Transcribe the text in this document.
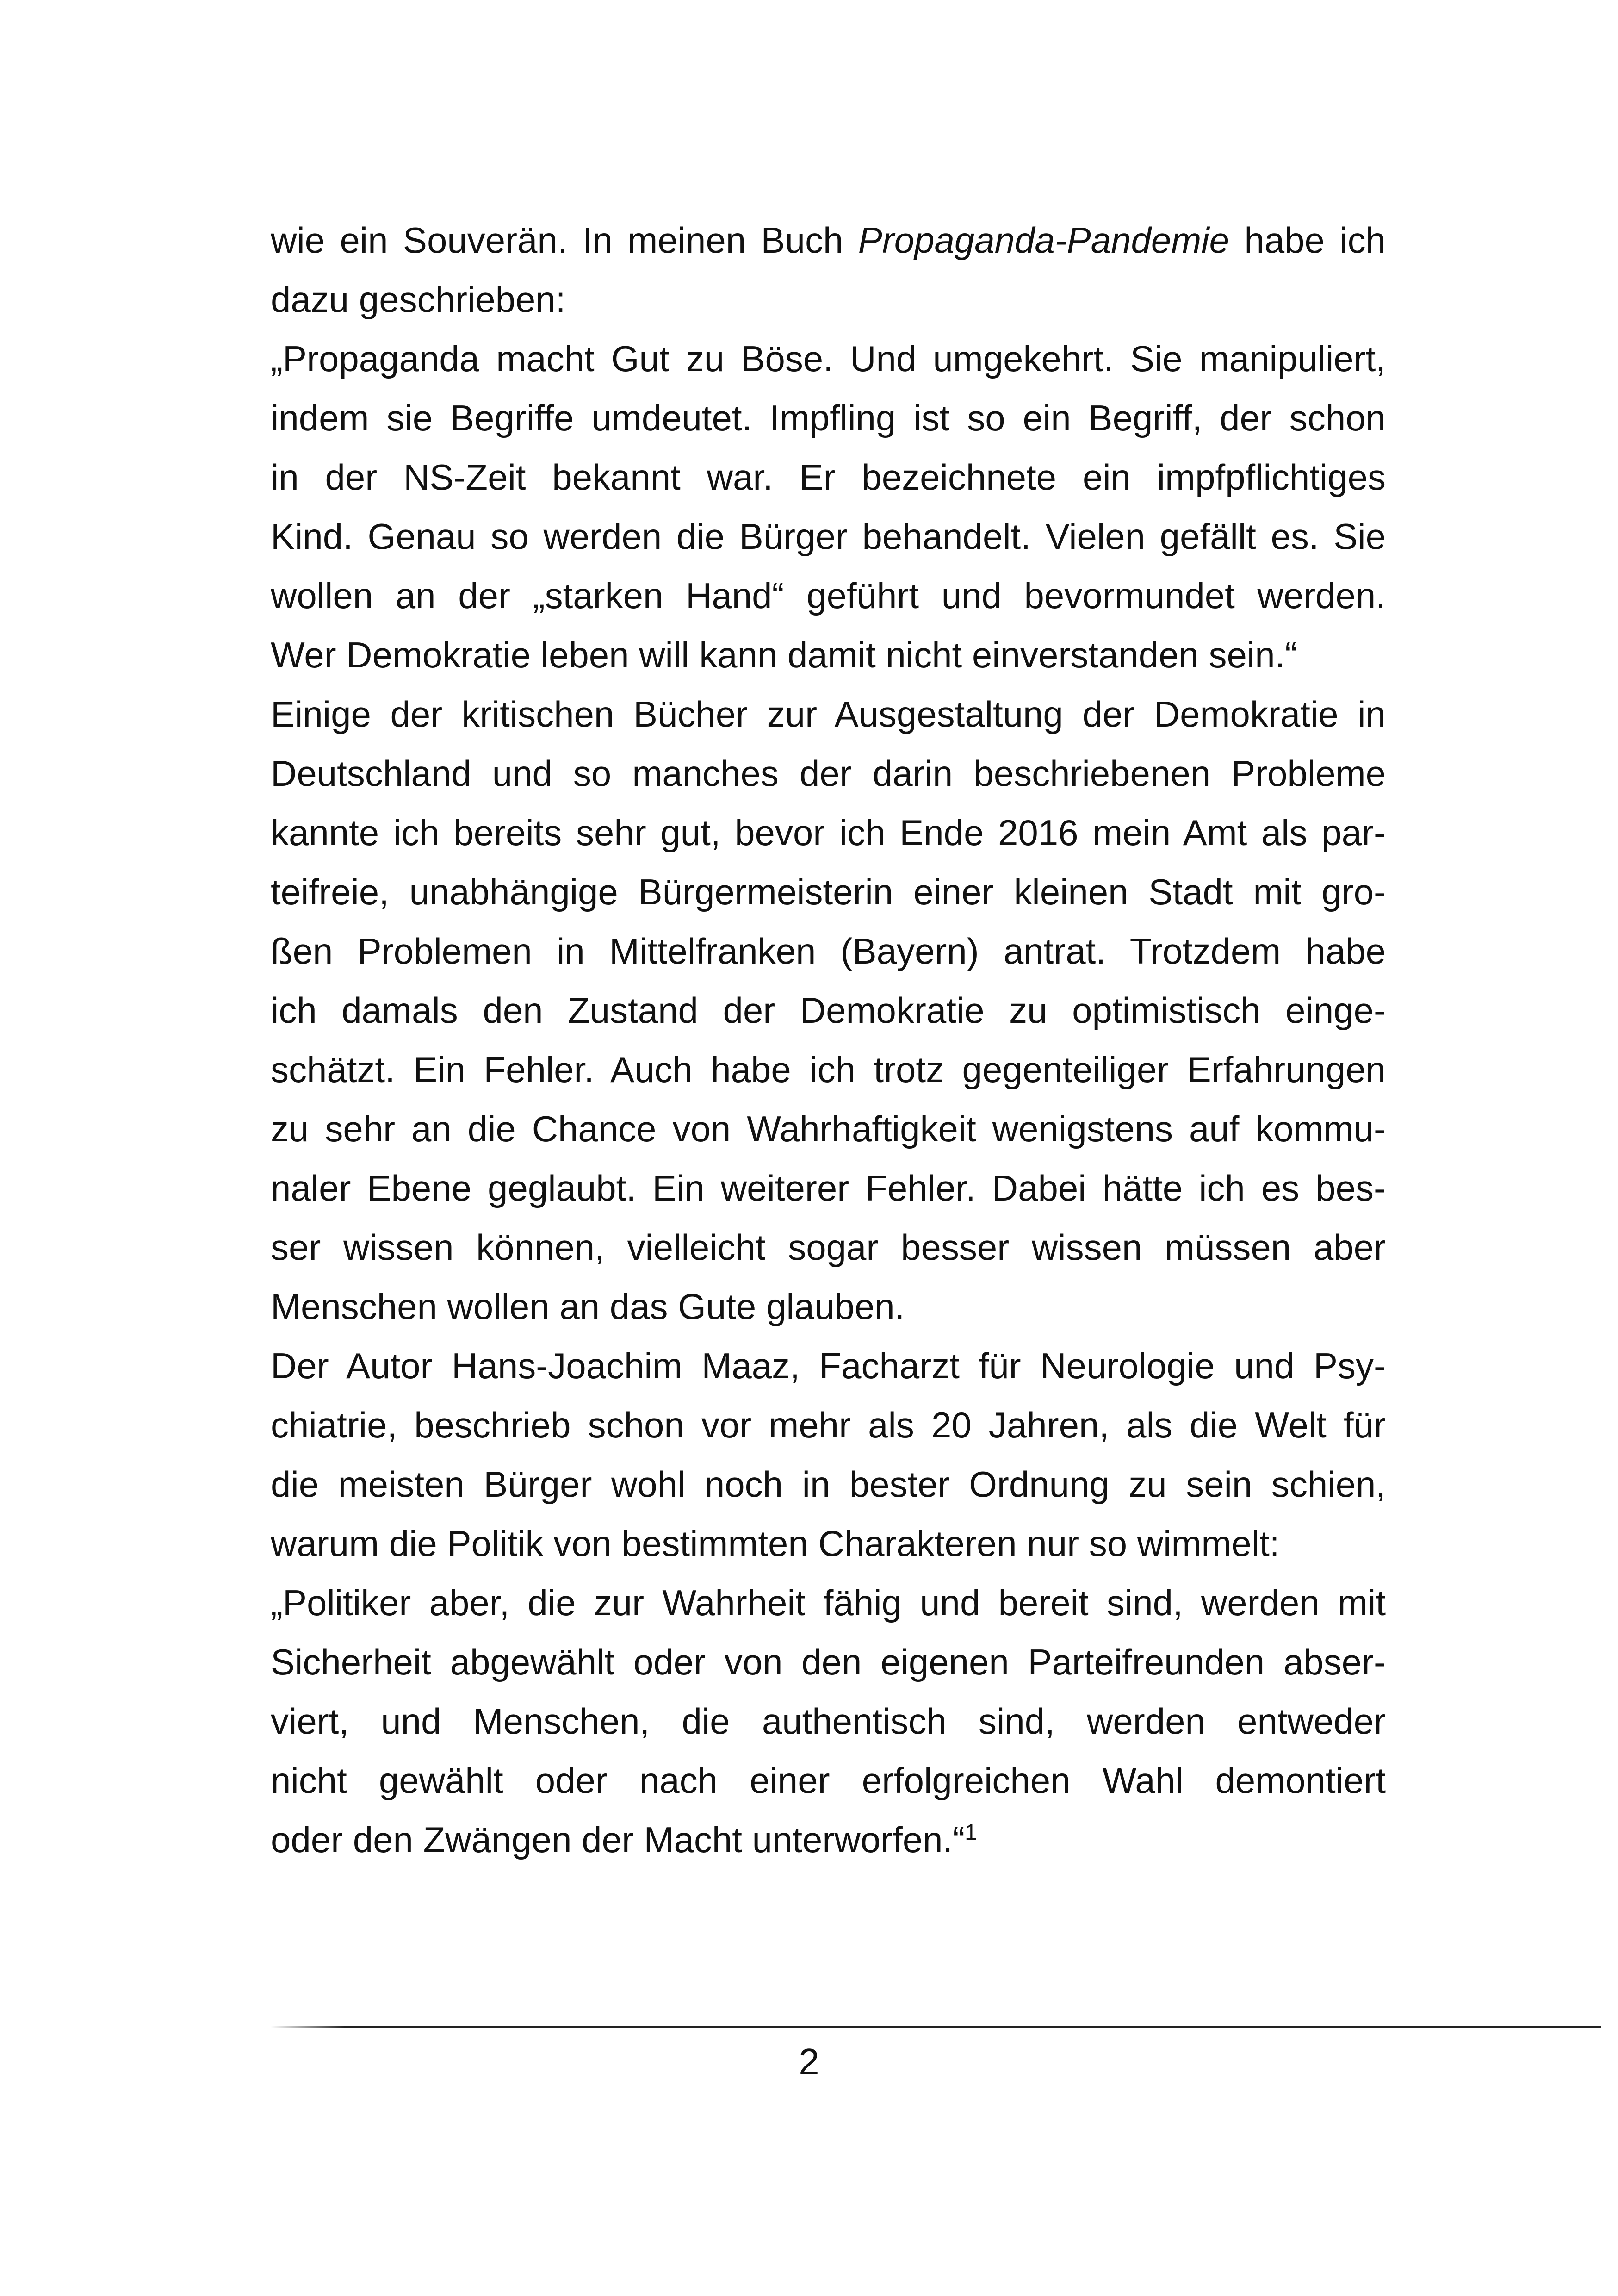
wie ein Souverän. In meinen Buch Propaganda-Pandemie habe ich
dazu geschrieben:

„Propaganda macht Gut zu Böse. Und umgekehrt. Sie manipuliert,
indem sie Begriffe umdeutet. Impfling ist so ein Begriff, der schon
in der NS-Zeit bekannt war. Er bezeichnete ein impfpflichtiges
Kind. Genau so werden die Bürger behandelt. Vielen gefällt es. Sie
wollen an der „starken Hand“ geführt und bevormundet werden.
Wer Demokratie leben will kann damit nicht einverstanden sein.“

Einige der kritischen Bücher zur Ausgestaltung der Demokratie in
Deutschland und so manches der darin beschriebenen Probleme
kannte ich bereits sehr gut, bevor ich Ende 2016 mein Amt als par-
teifreie, unabhängige Bürgermeisterin einer kleinen Stadt mit gro-
ßen Problemen in Mittelfranken (Bayern) antrat. Trotzdem habe
ich damals den Zustand der Demokratie zu optimistisch einge-
schätzt. Ein Fehler. Auch habe ich trotz gegenteiliger Erfahrungen
zu sehr an die Chance von Wahrhaftigkeit wenigstens auf kommu-
naler Ebene geglaubt. Ein weiterer Fehler. Dabei hätte ich es bes-
ser wissen können, vielleicht sogar besser wissen müssen aber
Menschen wollen an das Gute glauben.

Der Autor Hans-Joachim Maaz, Facharzt für Neurologie und Psy-
chiatrie, beschrieb schon vor mehr als 20 Jahren, als die Welt für
die meisten Bürger wohl noch in bester Ordnung zu sein schien,
warum die Politik von bestimmten Charakteren nur so wimmelt:

„Politiker aber, die zur Wahrheit fähig und bereit sind, werden mit
Sicherheit abgewählt oder von den eigenen Parteifreunden abser-
viert, und Menschen, die authentisch sind, werden entweder
nicht gewählt oder nach einer erfolgreichen Wahl demontiert
oder den Zwängen der Macht unterworfen.“$^1$

2
